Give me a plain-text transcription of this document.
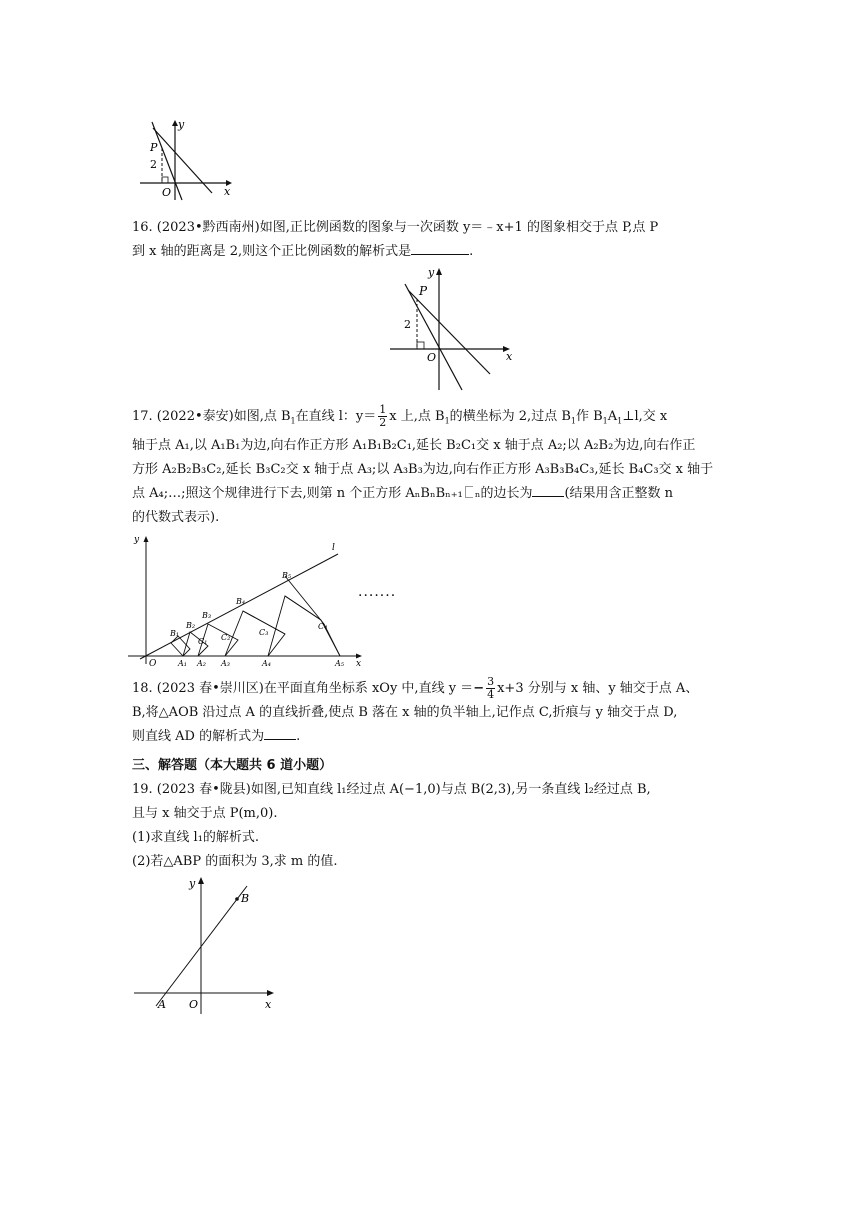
y
x
P
2
O
16. (2023•黔西南州)如图,正比例函数的图象与一次函数 y＝﹣x+1 的图象相交于点 P,点 P
到 x 轴的距离是 2,则这个正比例函数的解析式是	.
y
x
P
2
O
17. (2022•泰安)如图,点 $B_1$在直线 l：$y= \frac{1}{2}$ x 上,点 $B_1$的横坐标为 2,过点 $B_1$作 $B_1A_1\perp l$,交 x
轴于点 A₁,以 A₁B₁为边,向右作正方形 A₁B₁B₂C₁,延长 B₂C₁交 x 轴于点 A₂;以 A₂B₂为边,向右作正
方形 A₂B₂B₃C₂,延长 B₃C₂交 x 轴于点 A₃;以 A₃B₃为边,向右作正方形 A₃B₃B₄C₃,延长 B₄C₃交 x 轴于
点 A₄;…;照这个规律进行下去,则第 n 个正方形 AₙBₙBₙ₊₁ ₙ的边长为 (结果用含正整数 n
的代数式表示).
l
y
x
O	A₁ A₂ A₃	A₄	A₅
B₁
B₂
B₃
B₄
B₅
C₁ C₂
C₃
C₄
·······
18. (2023 春•崇川区)在平面直角坐标系 xOy 中,直线 $y =- \frac{3}{4} x+3$ 分别与 x 轴、y 轴交于点 A、
B,将△AOB 沿过点 A 的直线折叠,使点 B 落在 x 轴的负半轴上,记作点 C,折痕与 y 轴交于点 D,
则直线 AD 的解析式为 .
三、解答题（本大题共 6 道小题）
19. (2023 春•陇县)如图,已知直线 l₁经过点 A(−1,0)与点 B(2,3),另一条直线 l₂经过点 B,
且与 x 轴交于点 P(m,0).
(1)求直线 l₁的解析式.
(2)若△ABP 的面积为 3,求 m 的值.
y
x
A O
B
